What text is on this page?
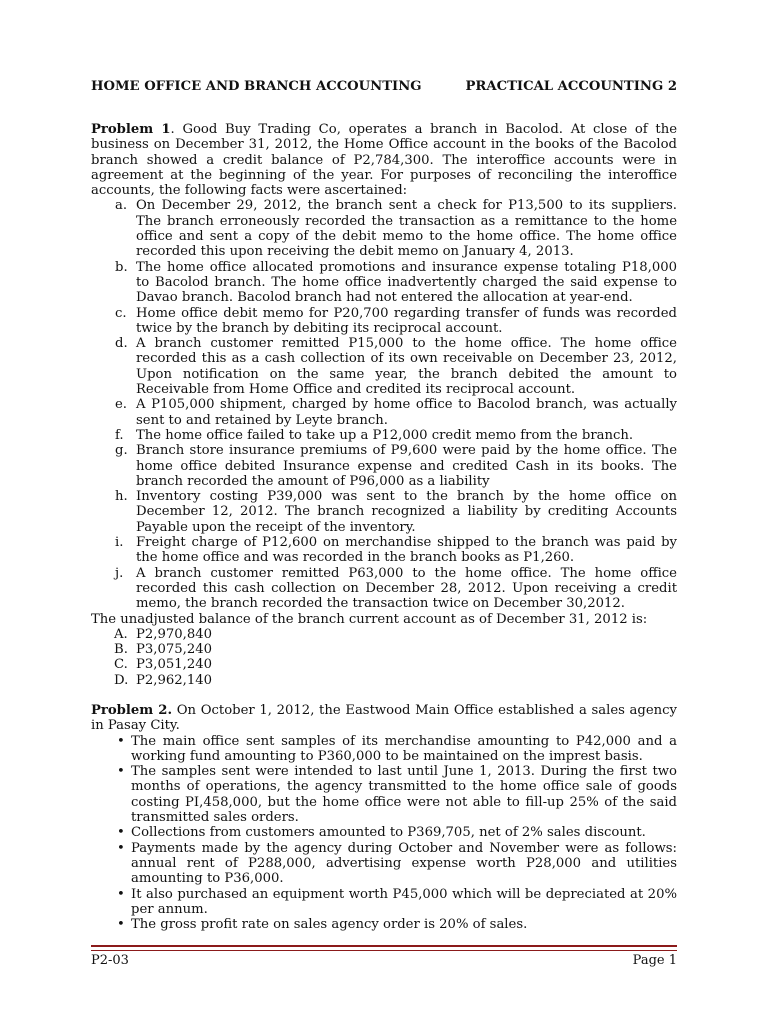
HOME OFFICE AND BRANCH ACCOUNTING	PRACTICAL ACCOUNTING 2

Problem 1. Good Buy Trading Co, operates a branch in Bacolod. At close of the business on December 31, 2012, the Home Office account in the books of the Bacolod branch showed a credit balance of P2,784,300. The interoffice accounts were in agreement at the beginning of the year. For purposes of reconciling the interoffice accounts, the following facts were ascertained:

a. On December 29, 2012, the branch sent a check for P13,500 to its suppliers. The branch erroneously recorded the transaction as a remittance to the home office and sent a copy of the debit memo to the home office. The home office recorded this upon receiving the debit memo on January 4, 2013.
b. The home office allocated promotions and insurance expense totaling P18,000 to Bacolod branch. The home office inadvertently charged the said expense to Davao branch. Bacolod branch had not entered the allocation at year-end.
c. Home office debit memo for P20,700 regarding transfer of funds was recorded twice by the branch by debiting its reciprocal account.
d. A branch customer remitted P15,000 to the home office. The home office recorded this as a cash collection of its own receivable on December 23, 2012, Upon notification on the same year, the branch debited the amount to Receivable from Home Office and credited its reciprocal account.
e. A P105,000 shipment, charged by home office to Bacolod branch, was actually sent to and retained by Leyte branch.
f. The home office failed to take up a P12,000 credit memo from the branch.
g. Branch store insurance premiums of P9,600 were paid by the home office. The home office debited Insurance expense and credited Cash in its books. The branch recorded the amount of P96,000 as a liability
h. Inventory costing P39,000 was sent to the branch by the home office on December 12, 2012. The branch recognized a liability by crediting Accounts Payable upon the receipt of the inventory.
i. Freight charge of P12,600 on merchandise shipped to the branch was paid by the home office and was recorded in the branch books as P1,260.
j. A branch customer remitted P63,000 to the home office. The home office recorded this cash collection on December 28, 2012. Upon receiving a credit memo, the branch recorded the transaction twice on December 30,2012.

The unadjusted balance of the branch current account as of December 31, 2012 is:

A. P2,970,840
B. P3,075,240
C. P3,051,240
D. P2,962,140

Problem 2. On October 1, 2012, the Eastwood Main Office established a sales agency in Pasay City.

• The main office sent samples of its merchandise amounting to P42,000 and a working fund amounting to P360,000 to be maintained on the imprest basis.
• The samples sent were intended to last until June 1, 2013. During the first two months of operations, the agency transmitted to the home office sale of goods costing PI,458,000, but the home office were not able to fill-up 25% of the said transmitted sales orders.
• Collections from customers amounted to P369,705, net of 2% sales discount.
• Payments made by the agency during October and November were as follows: annual rent of P288,000, advertising expense worth P28,000 and utilities amounting to P36,000.
• It also purchased an equipment worth P45,000 which will be depreciated at 20% per annum.
• The gross profit rate on sales agency order is 20% of sales.
P2-03	Page 1
